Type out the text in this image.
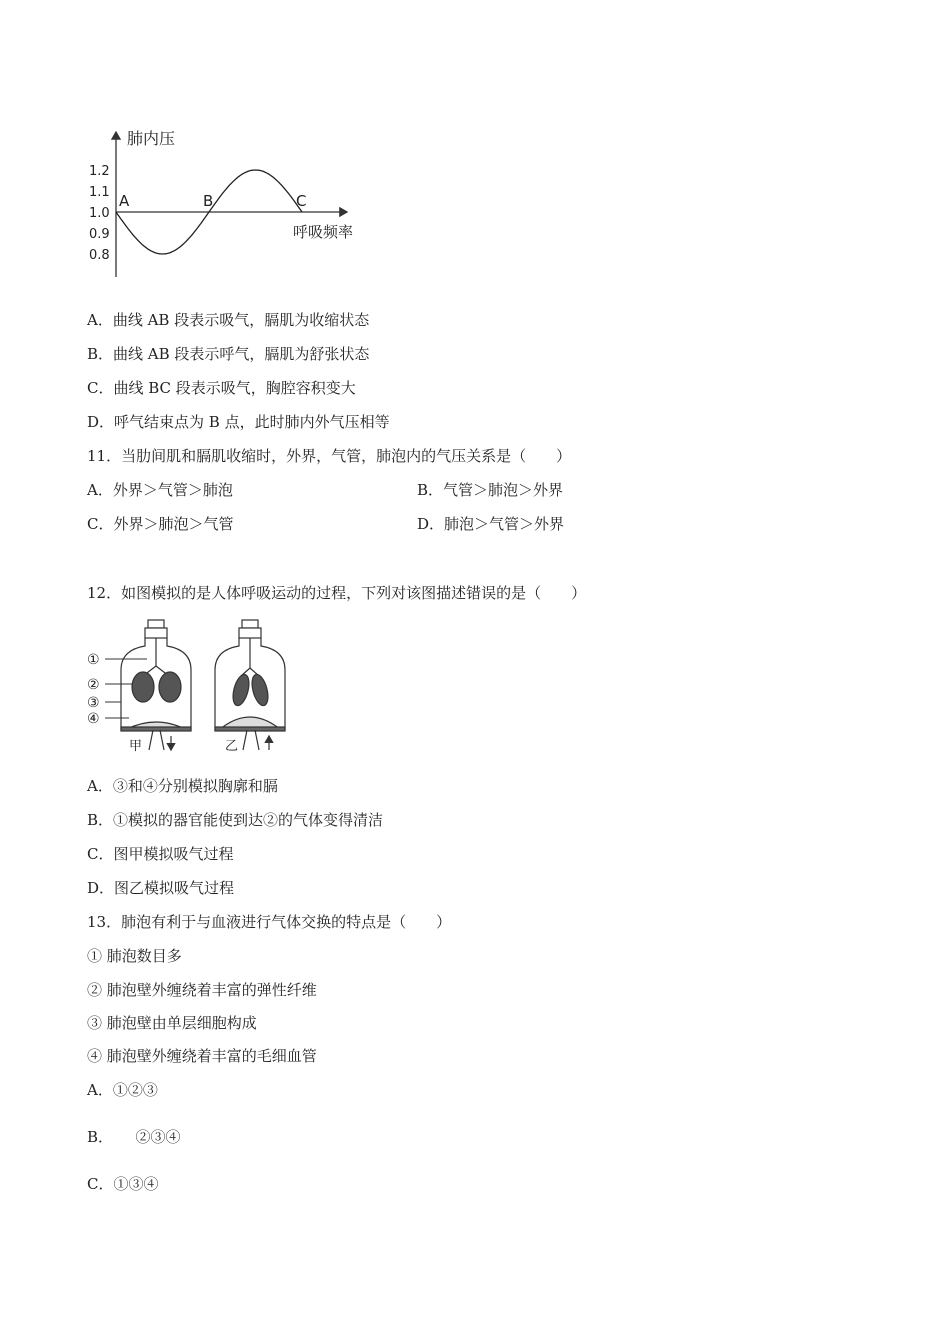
肺内压
呼吸频率
1.2
1.1
1.0
0.9
0.8
A	B	C
A．曲线 AB 段表示吸气，膈肌为收缩状态
B．曲线 AB 段表示呼气，膈肌为舒张状态
C．曲线 BC 段表示吸气，胸腔容积变大
D．呼气结束点为 B 点，此时肺内外气压相等
11．当肋间肌和膈肌收缩时，外界，气管，肺泡内的气压关系是（　　）
A．外界＞气管＞肺泡	B．气管＞肺泡＞外界
C．外界＞肺泡＞气管	D．肺泡＞气管＞外界
12．如图模拟的是人体呼吸运动的过程，下列对该图描述错误的是（　　）
①
②
③
④
甲	乙
A．③和④分别模拟胸廓和膈
B．①模拟的器官能使到达②的气体变得清洁
C．图甲模拟吸气过程
D．图乙模拟吸气过程
13．肺泡有利于与血液进行气体交换的特点是（　　）
① 肺泡数目多
② 肺泡壁外缠绕着丰富的弹性纤维
③ 肺泡壁由单层细胞构成
④ 肺泡壁外缠绕着丰富的毛细血管
A．①②③
B．　　②③④
C．①③④
